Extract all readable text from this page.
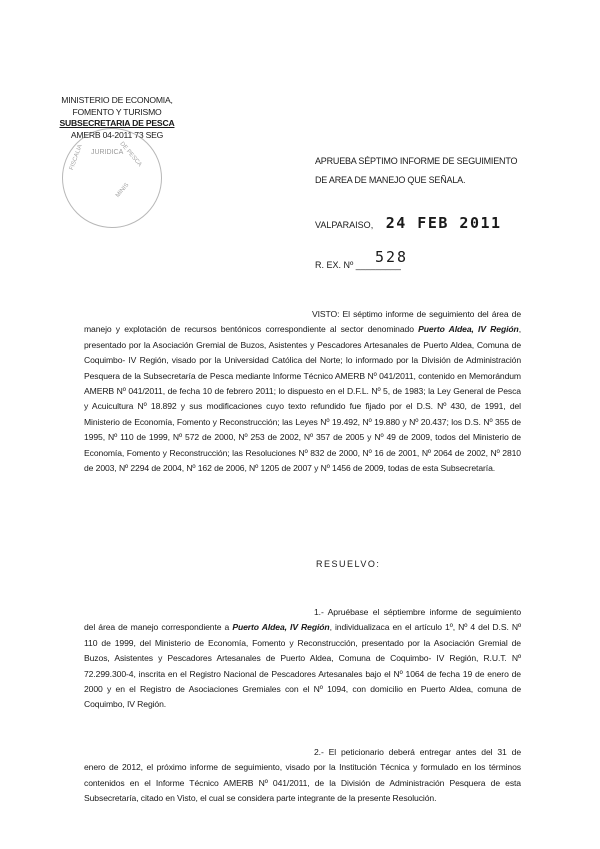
MINISTERIO DE ECONOMIA,
FOMENTO Y TURISMO
SUBSECRETARIA DE PESCA
AMERB 04-2011 73 SEG
JURIDICA
FISCALIA	DE PESCA
MINIS
APRUEBA SÉPTIMO INFORME DE SEGUIMIENTO
DE AREA DE MANEJO QUE SEÑALA.
VALPARAISO, 24 FEB 2011
R. EX. Nº _________
528
VISTO: El séptimo informe de seguimiento del área de manejo y explotación de recursos bentónicos correspondiente al sector denominado Puerto Aldea, IV Región, presentado por la Asociación Gremial de Buzos, Asistentes y Pescadores Artesanales de Puerto Aldea, Comuna de Coquimbo- IV Región, visado por la Universidad Católica del Norte; lo informado por la División de Administración Pesquera de la Subsecretaría de Pesca mediante Informe Técnico AMERB Nº 041/2011, contenido en Memorándum AMERB Nº 041/2011, de fecha 10 de febrero 2011; lo dispuesto en el D.F.L. Nº 5, de 1983; la Ley General de Pesca y Acuicultura Nº 18.892 y sus modificaciones cuyo texto refundido fue fijado por el D.S. Nº 430, de 1991, del Ministerio de Economía, Fomento y Reconstrucción; las Leyes Nº 19.492, Nº 19.880 y Nº 20.437; los D.S. Nº 355 de 1995, Nº 110 de 1999, Nº 572 de 2000, Nº 253 de 2002, Nº 357 de 2005 y Nº 49 de 2009, todos del Ministerio de Economía, Fomento y Reconstrucción; las Resoluciones Nº 832 de 2000, Nº 16 de 2001, Nº 2064 de 2002, Nº 2810 de 2003, Nº 2294 de 2004, Nº 162 de 2006, Nº 1205 de 2007 y Nº 1456 de 2009, todas de esta Subsecretaría.
RESUELVO:
1.- Apruébase el séptiembre informe de seguimiento del área de manejo correspondiente a Puerto Aldea, IV Región, individualizaca en el artículo 1º, Nº 4 del D.S. Nº 110 de 1999, del Ministerio de Economía, Fomento y Reconstrucción, presentado por la Asociación Gremial de Buzos, Asistentes y Pescadores Artesanales de Puerto Aldea, Comuna de Coquimbo- IV Región, R.U.T. Nº 72.299.300-4, inscrita en el Registro Nacional de Pescadores Artesanales bajo el Nº 1064 de fecha 19 de enero de 2000 y en el Registro de Asociaciones Gremiales con el Nº 1094, con domicilio en Puerto Aldea, comuna de Coquimbo, IV Región.
2.- El peticionario deberá entregar antes del 31 de enero de 2012, el próximo informe de seguimiento, visado por la Institución Técnica y formulado en los términos contenidos en el Informe Técnico AMERB Nº 041/2011, de la División de Administración Pesquera de esta Subsecretaría, citado en Visto, el cual se considera parte integrante de la presente Resolución.
